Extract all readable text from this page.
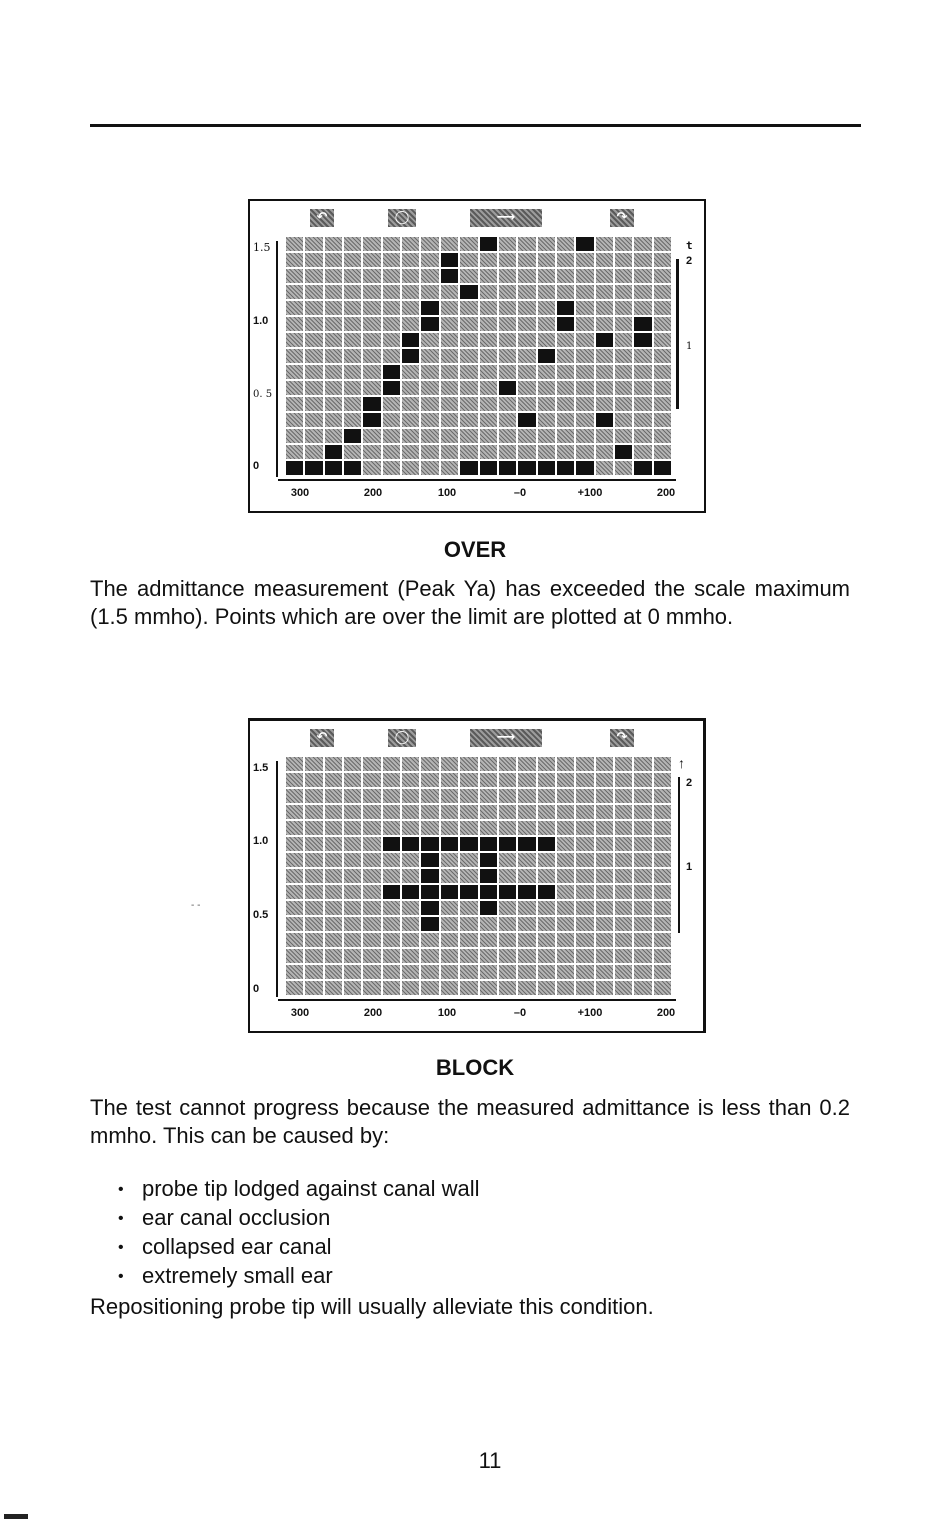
↶	◯	⟶	↷
1.5
1.0
0. 5
0
300	200	100	–0	+100	200
t
2
1
OVER
The admittance measurement (Peak Ya) has exceeded the scale maximum (1.5 mmho). Points which are over the limit are plotted at 0 mmho.
- -
↶	◯	⟶	↷
1.5
1.0
0.5
0
300	200	100	–0	+100	200
↑
2
1
BLOCK
The test cannot progress because the measured admittance is less than 0.2 mmho. This can be caused by:
• probe tip lodged against canal wall
• ear canal occlusion
• collapsed ear canal
• extremely small ear
Repositioning probe tip will usually alleviate this condition.
11
